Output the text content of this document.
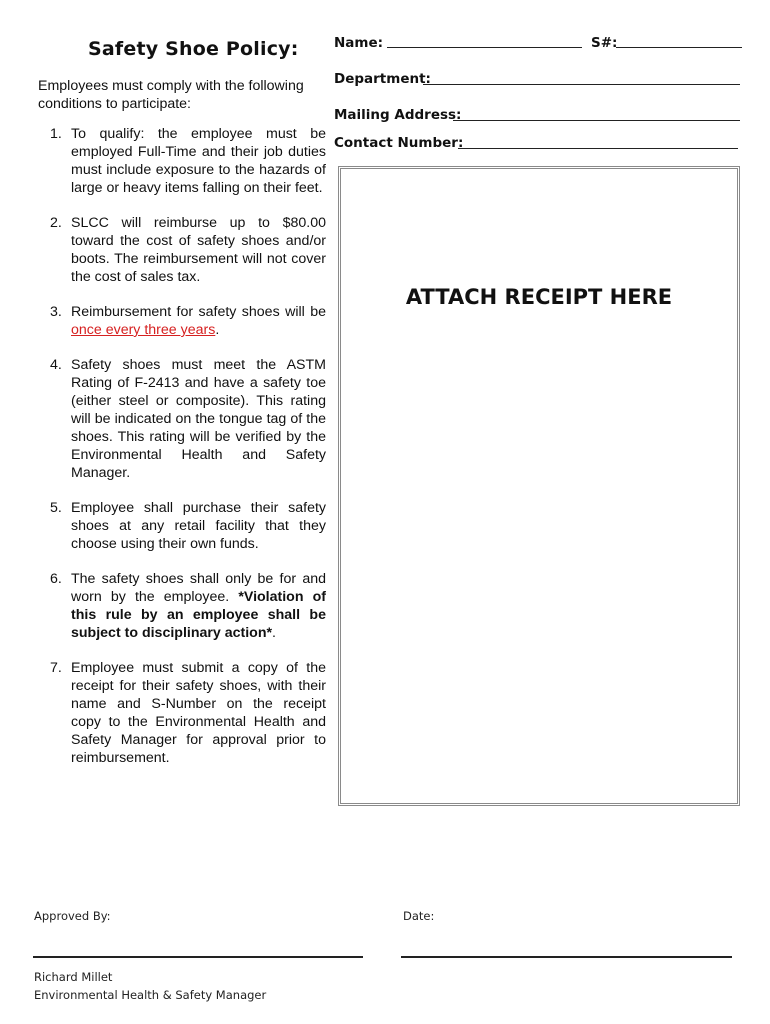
Safety Shoe Policy:
Employees must comply with the following conditions to participate:
1. To qualify: the employee must be employed Full-Time and their job duties must include exposure to the hazards of large or heavy items falling on their feet.
2. SLCC will reimburse up to $80.00 toward the cost of safety shoes and/or boots. The reimbursement will not cover the cost of sales tax.
3. Reimbursement for safety shoes will be once every three years.
4. Safety shoes must meet the ASTM Rating of F-2413 and have a safety toe (either steel or composite). This rating will be indicated on the tongue tag of the shoes. This rating will be verified by the Environmental Health and Safety Manager.
5. Employee shall purchase their safety shoes at any retail facility that they choose using their own funds.
6. The safety shoes shall only be for and worn by the employee. *Violation of this rule by an employee shall be subject to disciplinary action*.
7. Employee must submit a copy of the receipt for their safety shoes, with their name and S-Number on the receipt copy to the Environmental Health and Safety Manager for approval prior to reimbursement.
Name:	S#:
Department:
Mailing Address:
Contact Number:
ATTACH RECEIPT HERE
Approved By:	Date:
Richard Millet
Environmental Health & Safety Manager
